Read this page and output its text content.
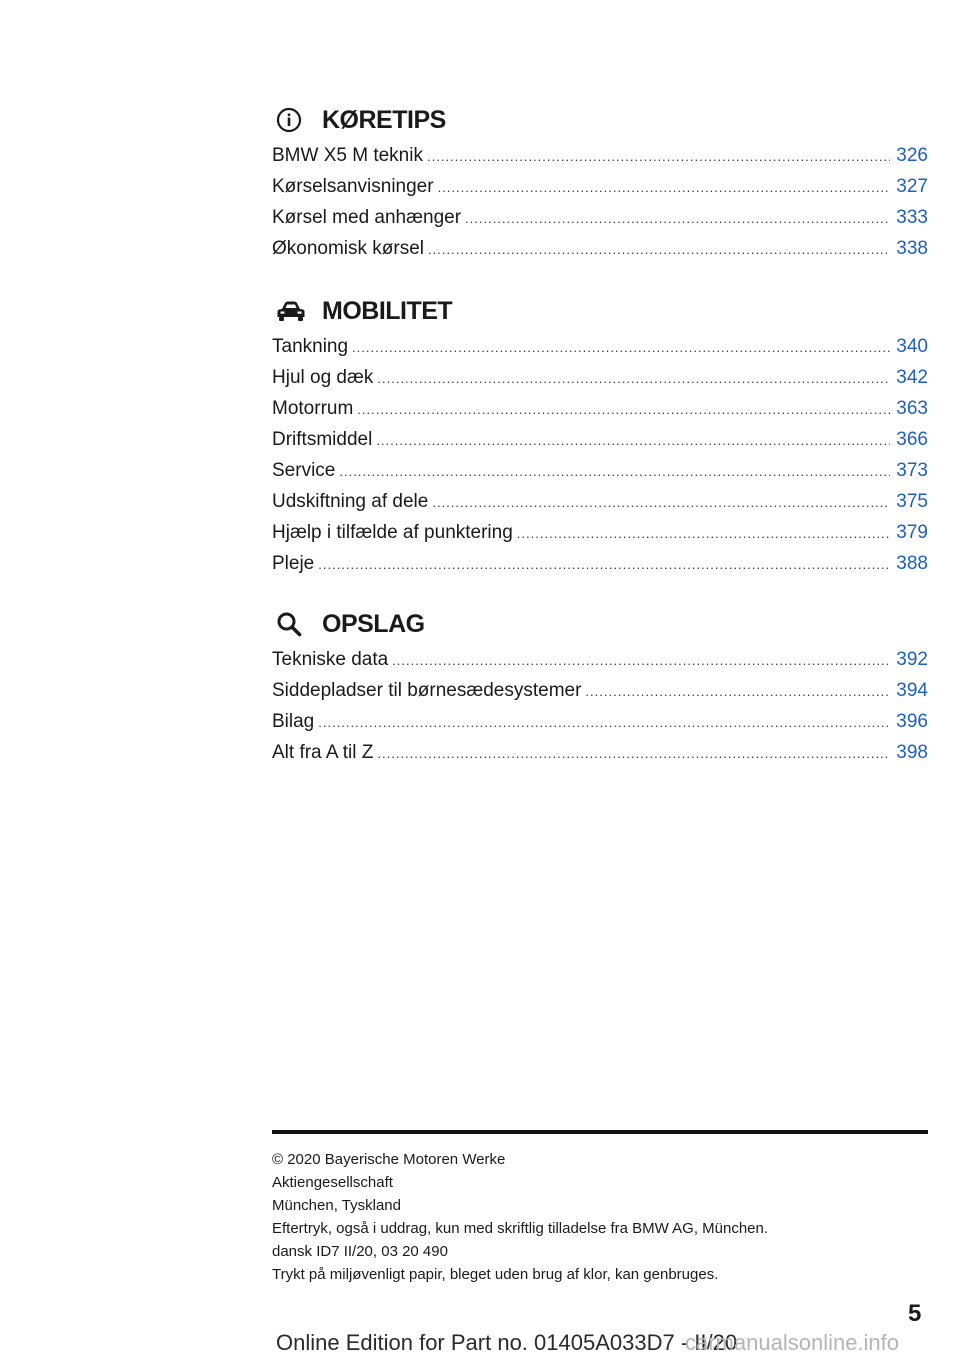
KØRETIPS
BMW X5 M teknik .....	326
Kørselsanvisninger .....	327
Kørsel med anhænger .....	333
Økonomisk kørsel .....	338
MOBILITET
Tankning .....	340
Hjul og dæk .....	342
Motorrum .....	363
Driftsmiddel .....	366
Service .....	373
Udskiftning af dele .....	375
Hjælp i tilfælde af punktering .....	379
Pleje .....	388
OPSLAG
Tekniske data .....	392
Siddepladser til børnesædesystemer .....	394
Bilag .....	396
Alt fra A til Z .....	398
© 2020 Bayerische Motoren Werke
Aktiengesellschaft
München, Tyskland
Eftertryk, også i uddrag, kun med skriftlig tilladelse fra BMW AG, München.
dansk ID7 II/20, 03 20 490
Trykt på miljøvenligt papir, bleget uden brug af klor, kan genbruges.
5
Online Edition for Part no. 01405A033D7 - II/20
carmanualsonline.info
